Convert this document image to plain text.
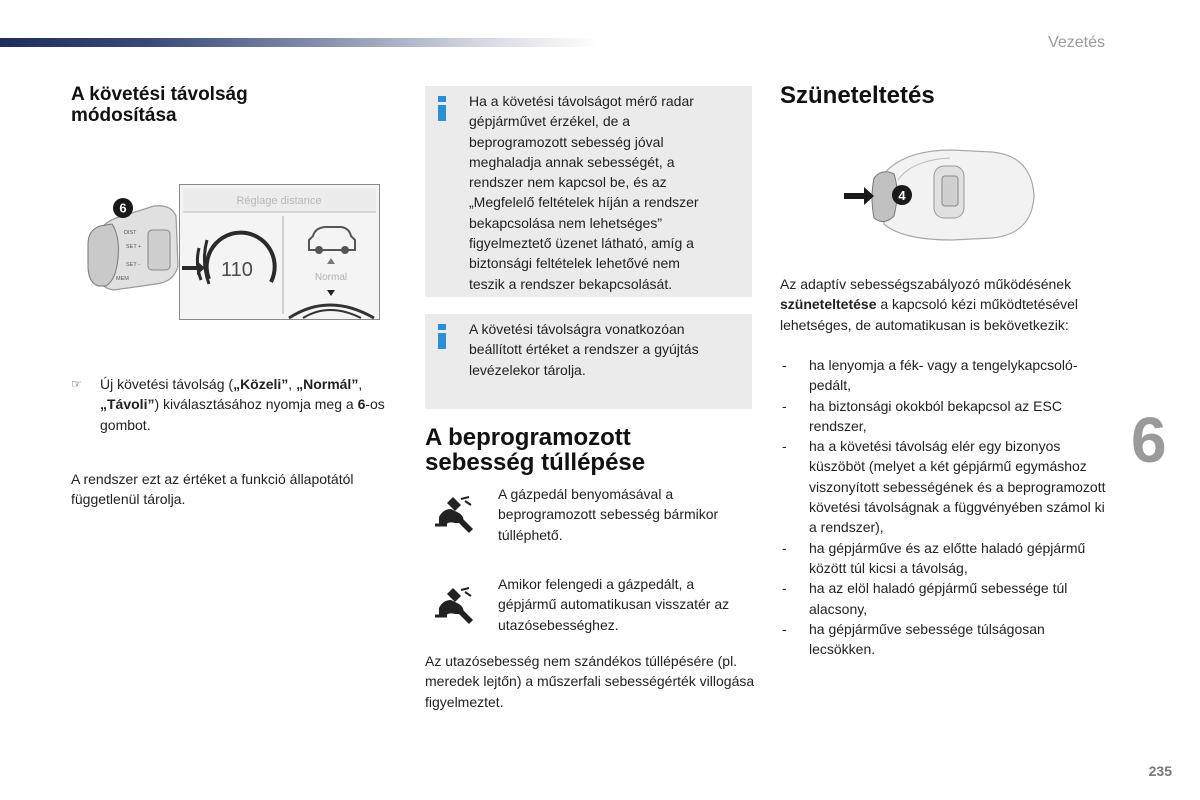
Vezetés
A követési távolság módosítása
DIST
SET +
SET -
MEM
6	Réglage distance
110	Normal
☞ Új követési távolság („Közeli”, „Normál”, „Távoli”) kiválasztásához nyomja meg a 6-os gombot.
A rendszer ezt az értéket a funkció állapotától függetlenül tárolja.
Ha a követési távolságot mérő radar gépjárművet érzékel, de a beprogramozott sebesség jóval meghaladja annak sebességét, a rendszer nem kapcsol be, és az „Megfelelő feltételek híján a rendszer bekapcsolása nem lehetséges” figyelmeztető üzenet látható, amíg a biztonsági feltételek lehetővé nem teszik a rendszer bekapcsolását.
A követési távolságra vonatkozóan beállított értéket a rendszer a gyújtás levézelekor tárolja.
A beprogramozott sebesség túllépése
A gázpedál benyomásával a beprogramozott sebesség bármikor túlléphető.
Amikor felengedi a gázpedált, a gépjármű automatikusan visszatér az utazósebességhez.
Az utazósebesség nem szándékos túllépésére (pl. meredek lejtőn) a műszerfali sebességérték villogása figyelmeztet.
Szüneteltetés
4
Az adaptív sebességszabályozó működésének szüneteltetése a kapcsoló kézi működtetésével lehetséges, de automatikusan is bekövetkezik:
- ha lenyomja a fék- vagy a tengelykapcsoló-pedált,
- ha biztonsági okokból bekapcsol az ESC rendszer,
- ha a követési távolság elér egy bizonyos küszöböt (melyet a két gépjármű egymáshoz viszonyított sebességének és a beprogramozott követési távolságnak a függvényében számol ki a rendszer),
- ha gépjárműve és az előtte haladó gépjármű között túl kicsi a távolság,
- ha az elöl haladó gépjármű sebessége túl alacsony,
- ha gépjárműve sebessége túlságosan lecsökken.
6
235
